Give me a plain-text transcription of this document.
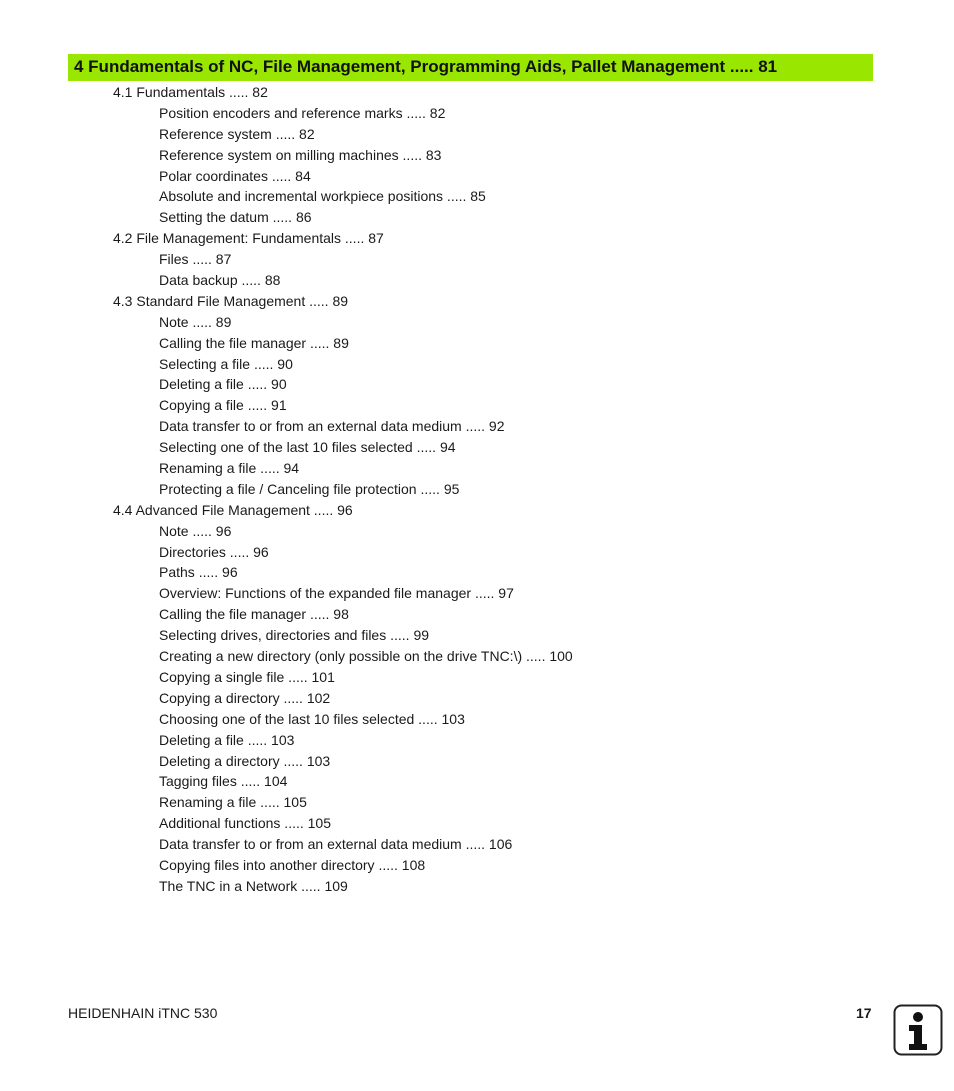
4 Fundamentals of NC, File Management, Programming Aids, Pallet Management ..... 81
4.1 Fundamentals ..... 82
Position encoders and reference marks ..... 82
Reference system ..... 82
Reference system on milling machines ..... 83
Polar coordinates ..... 84
Absolute and incremental workpiece positions ..... 85
Setting the datum ..... 86
4.2 File Management: Fundamentals ..... 87
Files ..... 87
Data backup ..... 88
4.3 Standard File Management ..... 89
Note ..... 89
Calling the file manager ..... 89
Selecting a file ..... 90
Deleting a file ..... 90
Copying a file ..... 91
Data transfer to or from an external data medium ..... 92
Selecting one of the last 10 files selected ..... 94
Renaming a file ..... 94
Protecting a file / Canceling file protection ..... 95
4.4 Advanced File Management ..... 96
Note ..... 96
Directories ..... 96
Paths ..... 96
Overview: Functions of the expanded file manager ..... 97
Calling the file manager ..... 98
Selecting drives, directories and files ..... 99
Creating a new directory (only possible on the drive TNC:\) ..... 100
Copying a single file ..... 101
Copying a directory ..... 102
Choosing one of the last 10 files selected ..... 103
Deleting a file ..... 103
Deleting a directory ..... 103
Tagging files ..... 104
Renaming a file ..... 105
Additional functions ..... 105
Data transfer to or from an external data medium ..... 106
Copying files into another directory ..... 108
The TNC in a Network ..... 109
HEIDENHAIN iTNC 530	17
